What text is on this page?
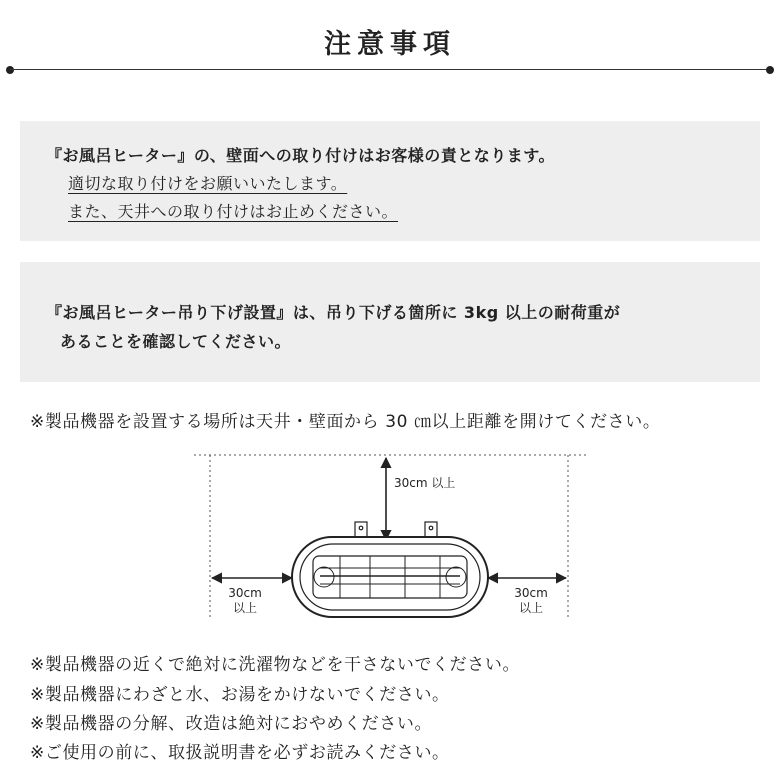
注意事項
『お風呂ヒーター』の、壁面への取り付けはお客様の責となります。
適切な取り付けをお願いいたします。
また、天井への取り付けはお止めください。
『お風呂ヒーター吊り下げ設置』は、吊り下げる箇所に 3kg 以上の耐荷重が
あることを確認してください。
※製品機器を設置する場所は天井・壁面から 30 ㎝以上距離を開けてください。
30cm 以上
30cm
以上
30cm
以上
※製品機器の近くで絶対に洗濯物などを干さないでください。
※製品機器にわざと水、お湯をかけないでください。
※製品機器の分解、改造は絶対におやめください。
※ご使用の前に、取扱説明書を必ずお読みください。
